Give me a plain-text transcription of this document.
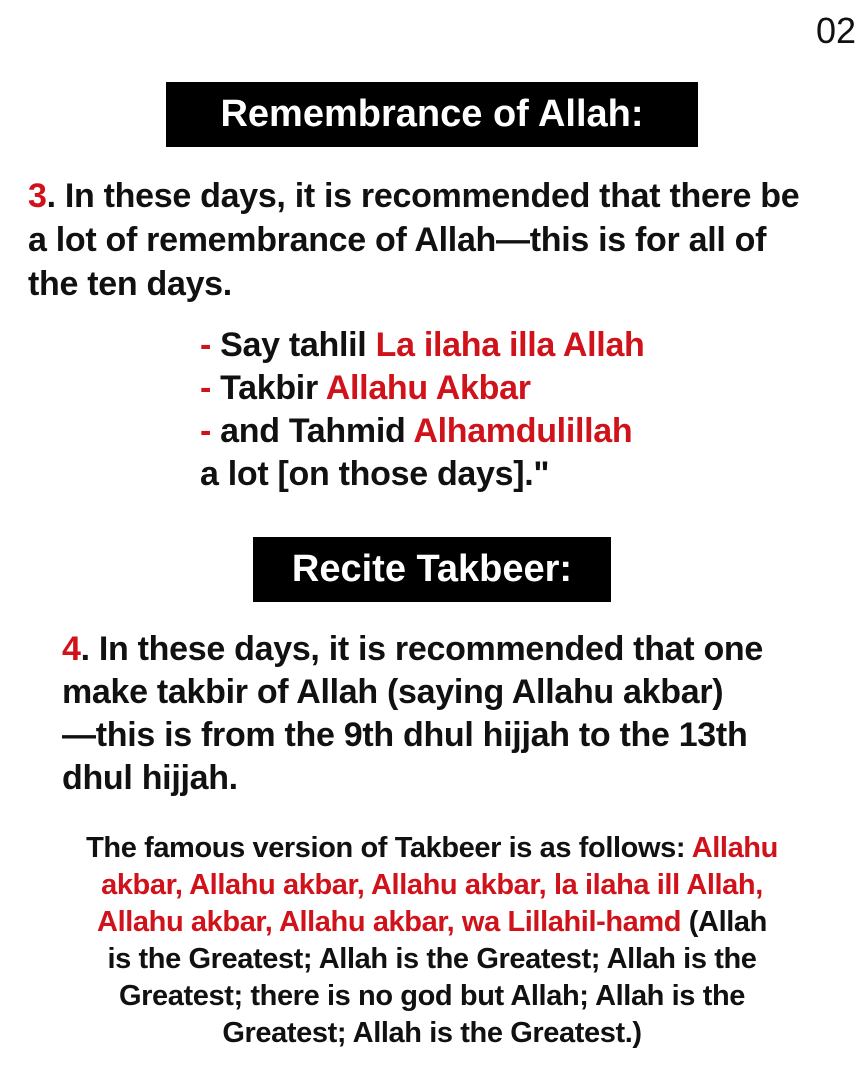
02
Remembrance of Allah:
3. In these days, it is recommended that there be
a lot of remembrance of Allah—this is for all of
the ten days.
- Say tahlil La ilaha illa Allah
- Takbir Allahu Akbar
- and Tahmid Alhamdulillah
a lot [on those days]."
Recite Takbeer:
4. In these days, it is recommended that one
make takbir of Allah (saying Allahu akbar)
—this is from the 9th dhul hijjah to the 13th
dhul hijjah.
The famous version of Takbeer is as follows: Allahu
akbar, Allahu akbar, Allahu akbar, la ilaha ill Allah,
Allahu akbar, Allahu akbar, wa Lillahil-hamd (Allah
is the Greatest; Allah is the Greatest; Allah is the
Greatest; there is no god but Allah; Allah is the
Greatest; Allah is the Greatest.)
